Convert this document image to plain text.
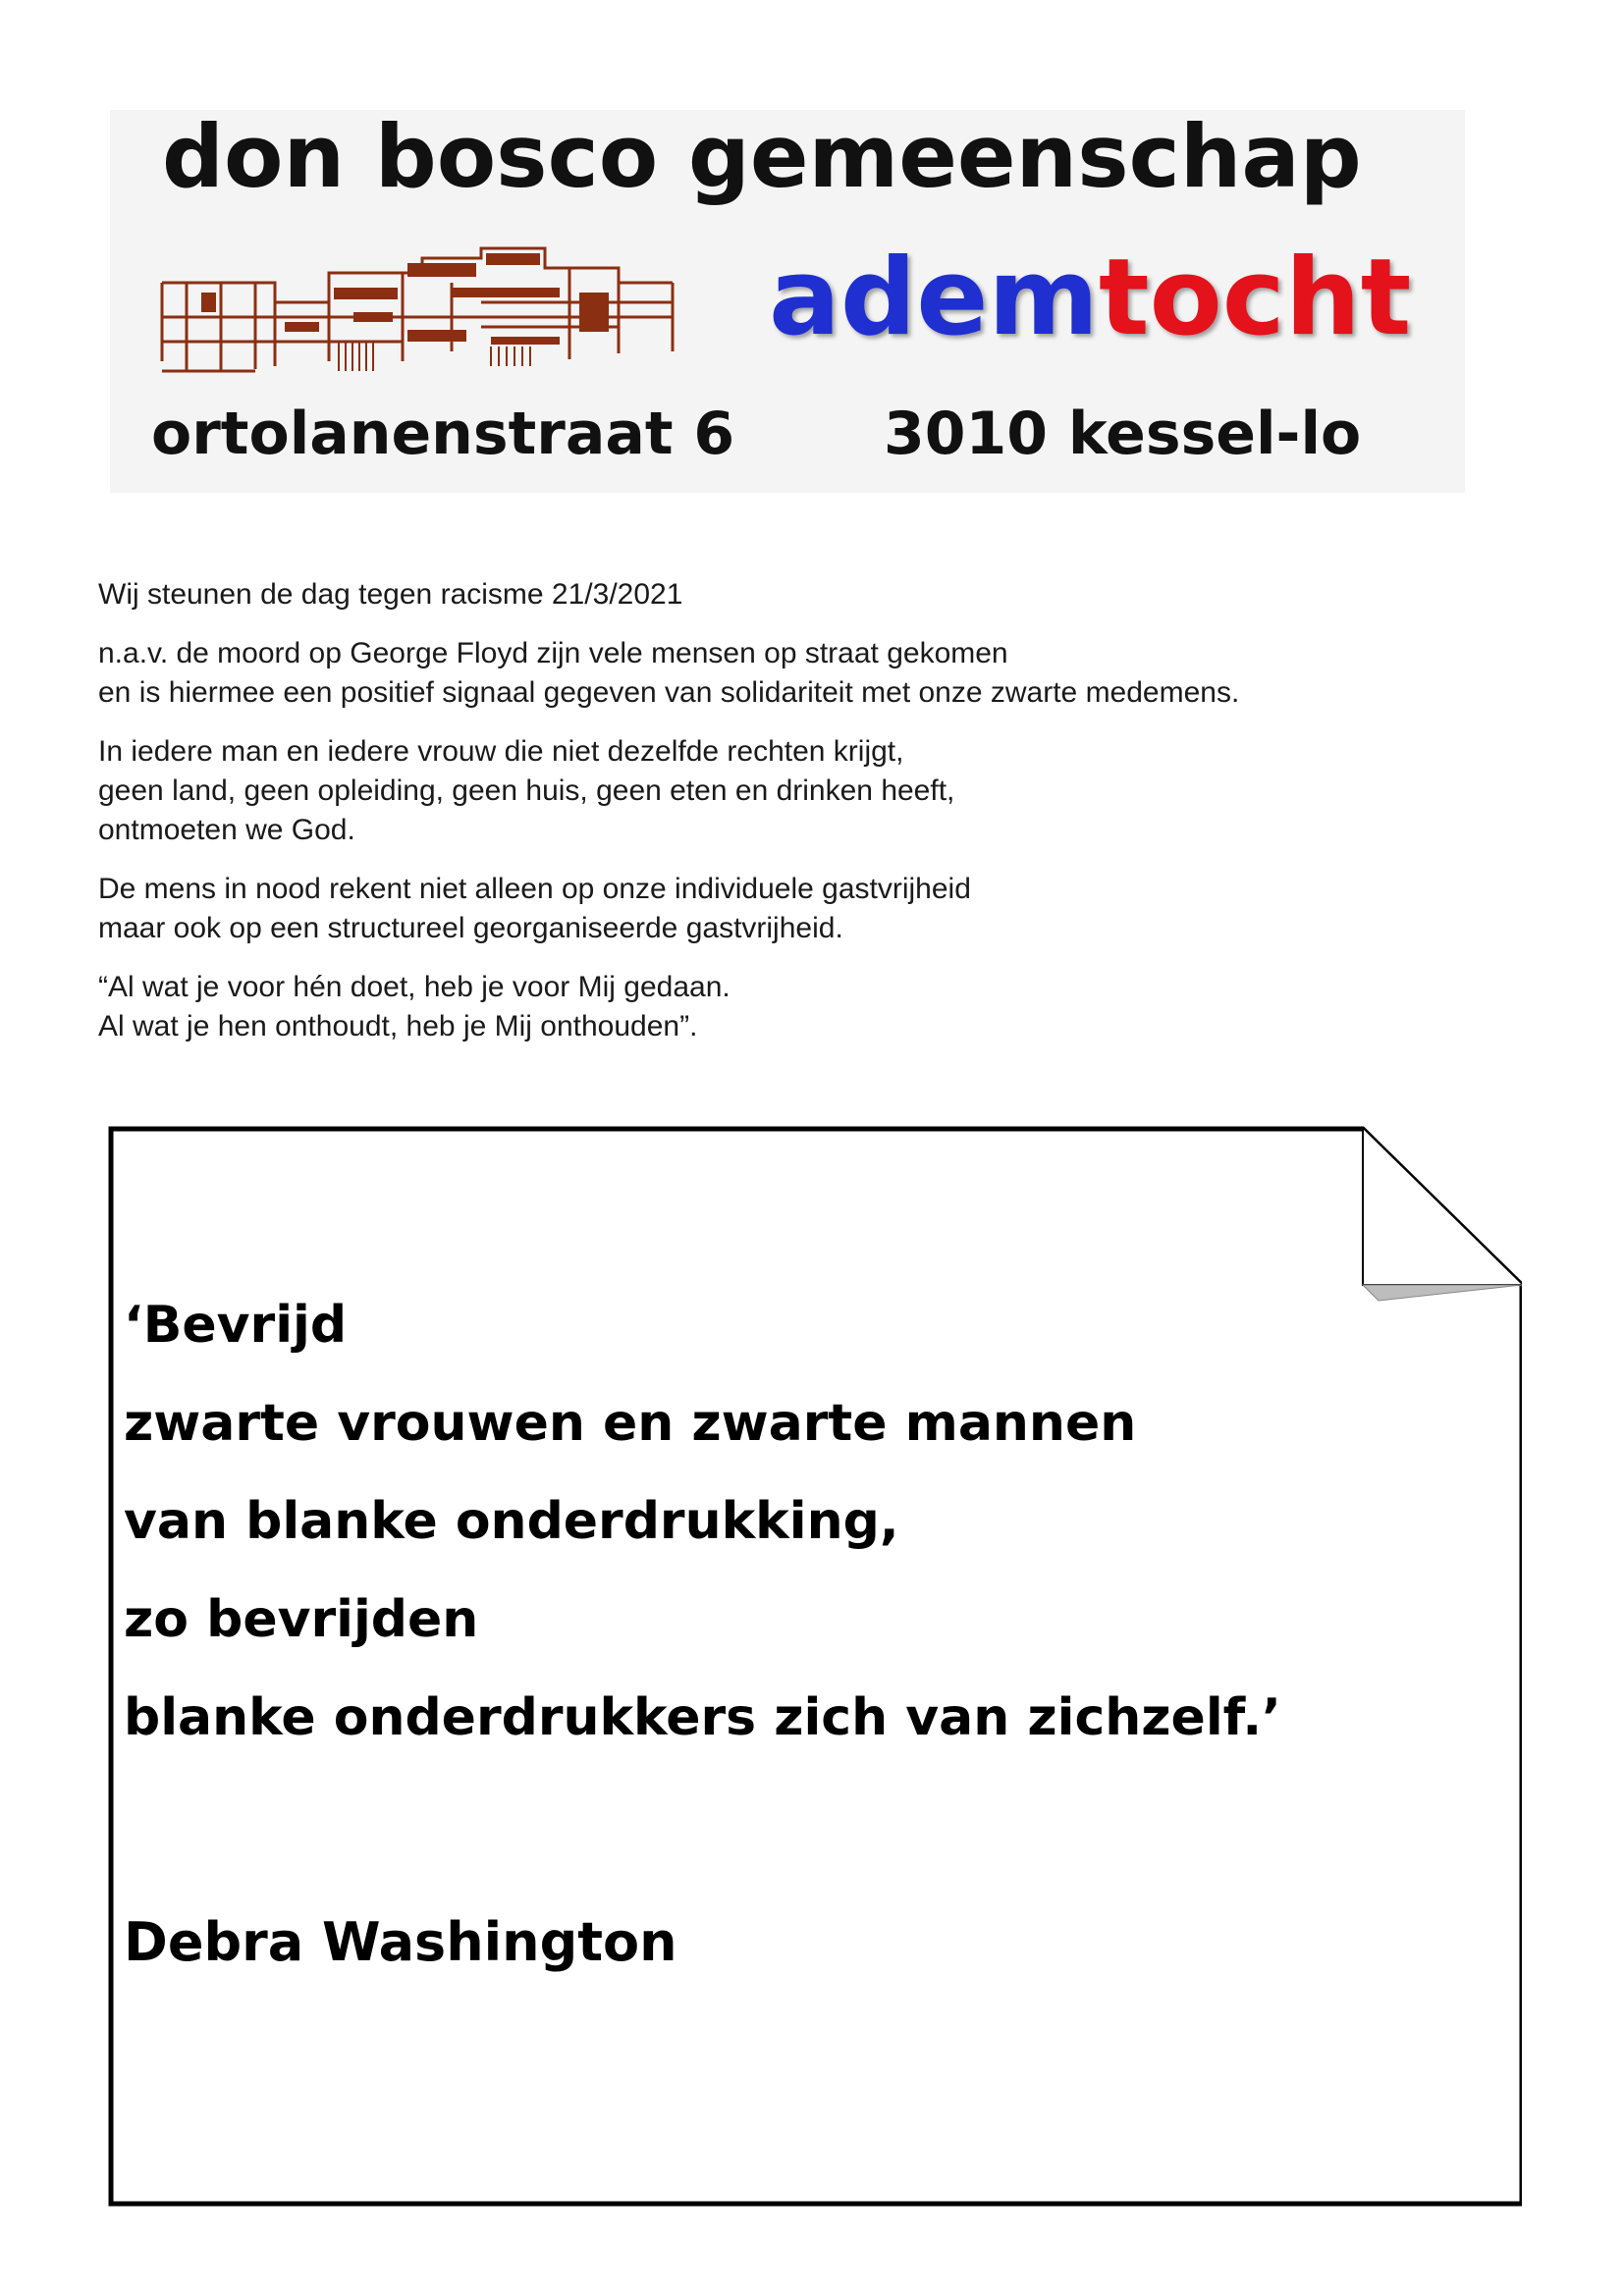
don bosco gemeenschap

ademtocht

ortolanenstraat 6	3010 kessel-lo

Wij steunen de dag tegen racisme 21/3/2021

n.a.v. de moord op George Floyd zijn vele mensen op straat gekomen
en is hiermee een positief signaal gegeven van solidariteit met onze zwarte medemens.

In iedere man en iedere vrouw die niet dezelfde rechten krijgt,
geen land, geen opleiding, geen huis, geen eten en drinken heeft,
ontmoeten we God.

De mens in nood rekent niet alleen op onze individuele gastvrijheid
maar ook op een structureel georganiseerde gastvrijheid.

“Al wat je voor hén doet, heb je voor Mij gedaan.
Al wat je hen onthoudt, heb je Mij onthouden”.

‘Bevrijd
zwarte vrouwen en zwarte mannen
van blanke onderdrukking,
zo bevrijden
blanke onderdrukkers zich van zichzelf.’

Debra Washington
